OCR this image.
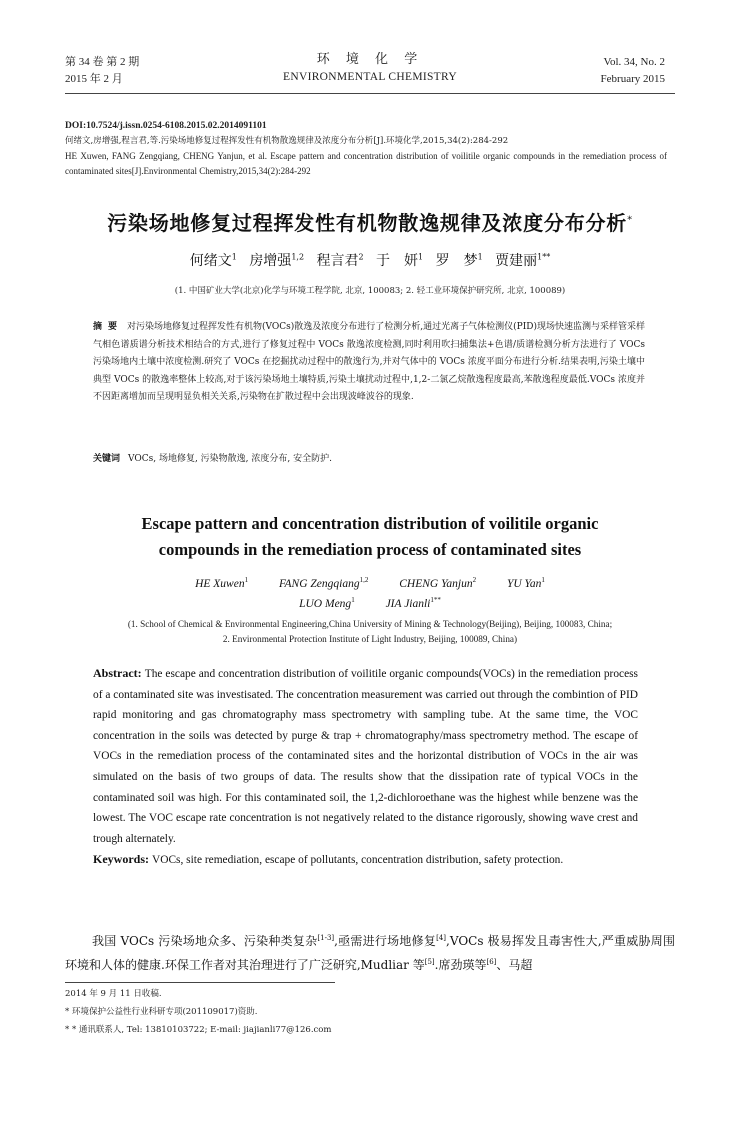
第 34 卷 第 2 期
2015 年 2 月
环 境 化 学
ENVIRONMENTAL CHEMISTRY
Vol. 34, No. 2
February 2015
DOI:10.7524/j.issn.0254-6108.2015.02.2014091101
何绪文,房增强,程言君,等.污染场地修复过程挥发性有机物散逸规律及浓度分布分析[J].环境化学,2015,34(2):284-292
HE Xuwen, FANG Zengqiang, CHENG Yanjun, et al. Escape pattern and concentration distribution of voilitile organic compounds in the remediation process of contaminated sites[J].Environmental Chemistry,2015,34(2):284-292
污染场地修复过程挥发性有机物散逸规律及浓度分布分析*
何绪文$^1$ 房增强$^{1,2}$ 程言君$^2$ 于　妍$^1$ 罗　梦$^1$ 贾建丽$^{1**}$
(1. 中国矿业大学(北京)化学与环境工程学院, 北京, 100083; 2. 轻工业环境保护研究所, 北京, 100089)
摘要 对污染场地修复过程挥发性有机物(VOCs)散逸及浓度分布进行了检测分析,通过光离子气体检测仪(PID)现场快速监测与采样管采样气相色谱质谱分析技术相结合的方式,进行了修复过程中 VOCs 散逸浓度检测,同时利用吹扫捕集法+色谱/质谱检测分析方法进行了 VOCs 污染场地内土壤中浓度检测.研究了 VOCs 在挖掘扰动过程中的散逸行为,并对气体中的 VOCs 浓度平面分布进行分析.结果表明,污染土壤中典型 VOCs 的散逸率整体上较高,对于该污染场地土壤特质,污染土壤扰动过程中,1,2-二氯乙烷散逸程度最高,苯散逸程度最低.VOCs 浓度并不因距离增加而呈现明显负相关关系,污染物在扩散过程中会出现波峰波谷的现象.
关键词 VOCs, 场地修复, 污染物散逸, 浓度分布, 安全防护.
Escape pattern and concentration distribution of voilitile organic
compounds in the remediation process of contaminated sites
HE Xuwen$^1$	FANG Zengqiang$^{1,2}$	CHENG Yanjun$^2$	YU Yan$^1$
LUO Meng$^1$	JIA Jianli$^{1**}$
(1. School of Chemical & Environmental Engineering,China University of Mining & Technology(Beijing), Beijing, 100083, China;
2. Environmental Protection Institute of Light Industry, Beijing, 100089, China)
Abstract: The escape and concentration distribution of voilitile organic compounds(VOCs) in the remediation process of a contaminated site was investisated. The concentration measurement was carried out through the combintion of PID rapid monitoring and gas chromatography mass spectrometry with sampling tube. At the same time, the VOC concentration in the soils was detected by purge & trap + chromatography/mass spectrometry method. The escape of VOCs in the remediation process of the contaminated sites and the horizontal distribution of VOCs in the air was simulated on the basis of two groups of data. The results show that the dissipation rate of typical VOCs in the contaminated soil was high. For this contaminated soil, the 1,2-dichloroethane was the highest while benzene was the lowest. The VOC escape rate concentration is not negatively related to the distance rigorously, showing wave crest and trough alternately.
Keywords: VOCs, site remediation, escape of pollutants, concentration distribution, safety protection.
我国 VOCs 污染场地众多、污染种类复杂[1-3],亟需进行场地修复[4],VOCs 极易挥发且毒害性大,严重威胁周围环境和人体的健康.环保工作者对其治理进行了广泛研究,Mudliar 等[5].席劲瑛等[6]、马超
2014 年 9 月 11 日收稿.
* 环境保护公益性行业科研专项(201109017)资助.
* * 通讯联系人, Tel: 13810103722; E-mail: jiajianli77@126.com
